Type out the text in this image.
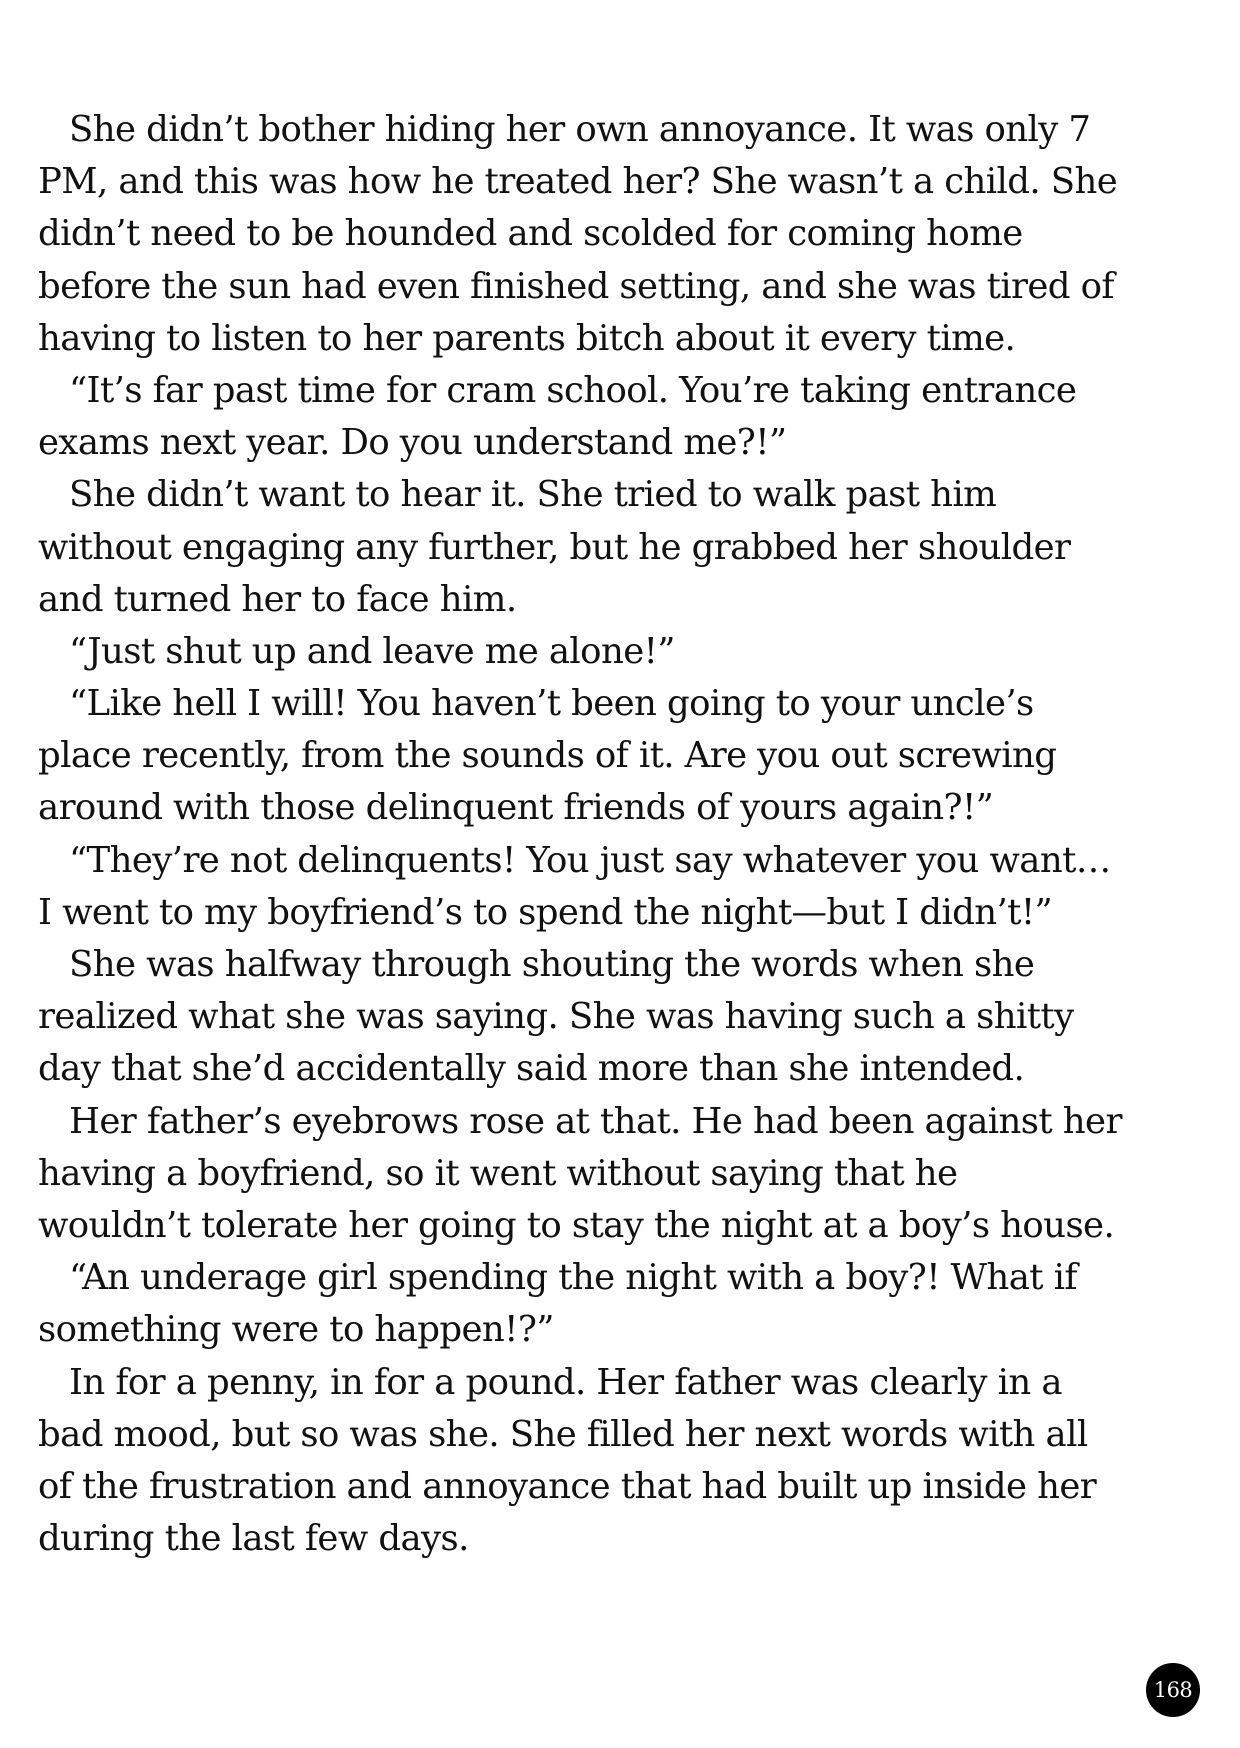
She didn’t bother hiding her own annoyance. It was only 7
PM, and this was how he treated her? She wasn’t a child. She
didn’t need to be hounded and scolded for coming home
before the sun had even finished setting, and she was tired of
having to listen to her parents bitch about it every time.
“It’s far past time for cram school. You’re taking entrance
exams next year. Do you understand me?!”
She didn’t want to hear it. She tried to walk past him
without engaging any further, but he grabbed her shoulder
and turned her to face him.
“Just shut up and leave me alone!”
“Like hell I will! You haven’t been going to your uncle’s
place recently, from the sounds of it. Are you out screwing
around with those delinquent friends of yours again?!”
“They’re not delinquents! You just say whatever you want…
I went to my boyfriend’s to spend the night—but I didn’t!”
She was halfway through shouting the words when she
realized what she was saying. She was having such a shitty
day that she’d accidentally said more than she intended.
Her father’s eyebrows rose at that. He had been against her
having a boyfriend, so it went without saying that he
wouldn’t tolerate her going to stay the night at a boy’s house.
“An underage girl spending the night with a boy?! What if
something were to happen!?”
In for a penny, in for a pound. Her father was clearly in a
bad mood, but so was she. She filled her next words with all
of the frustration and annoyance that had built up inside her
during the last few days.
168
